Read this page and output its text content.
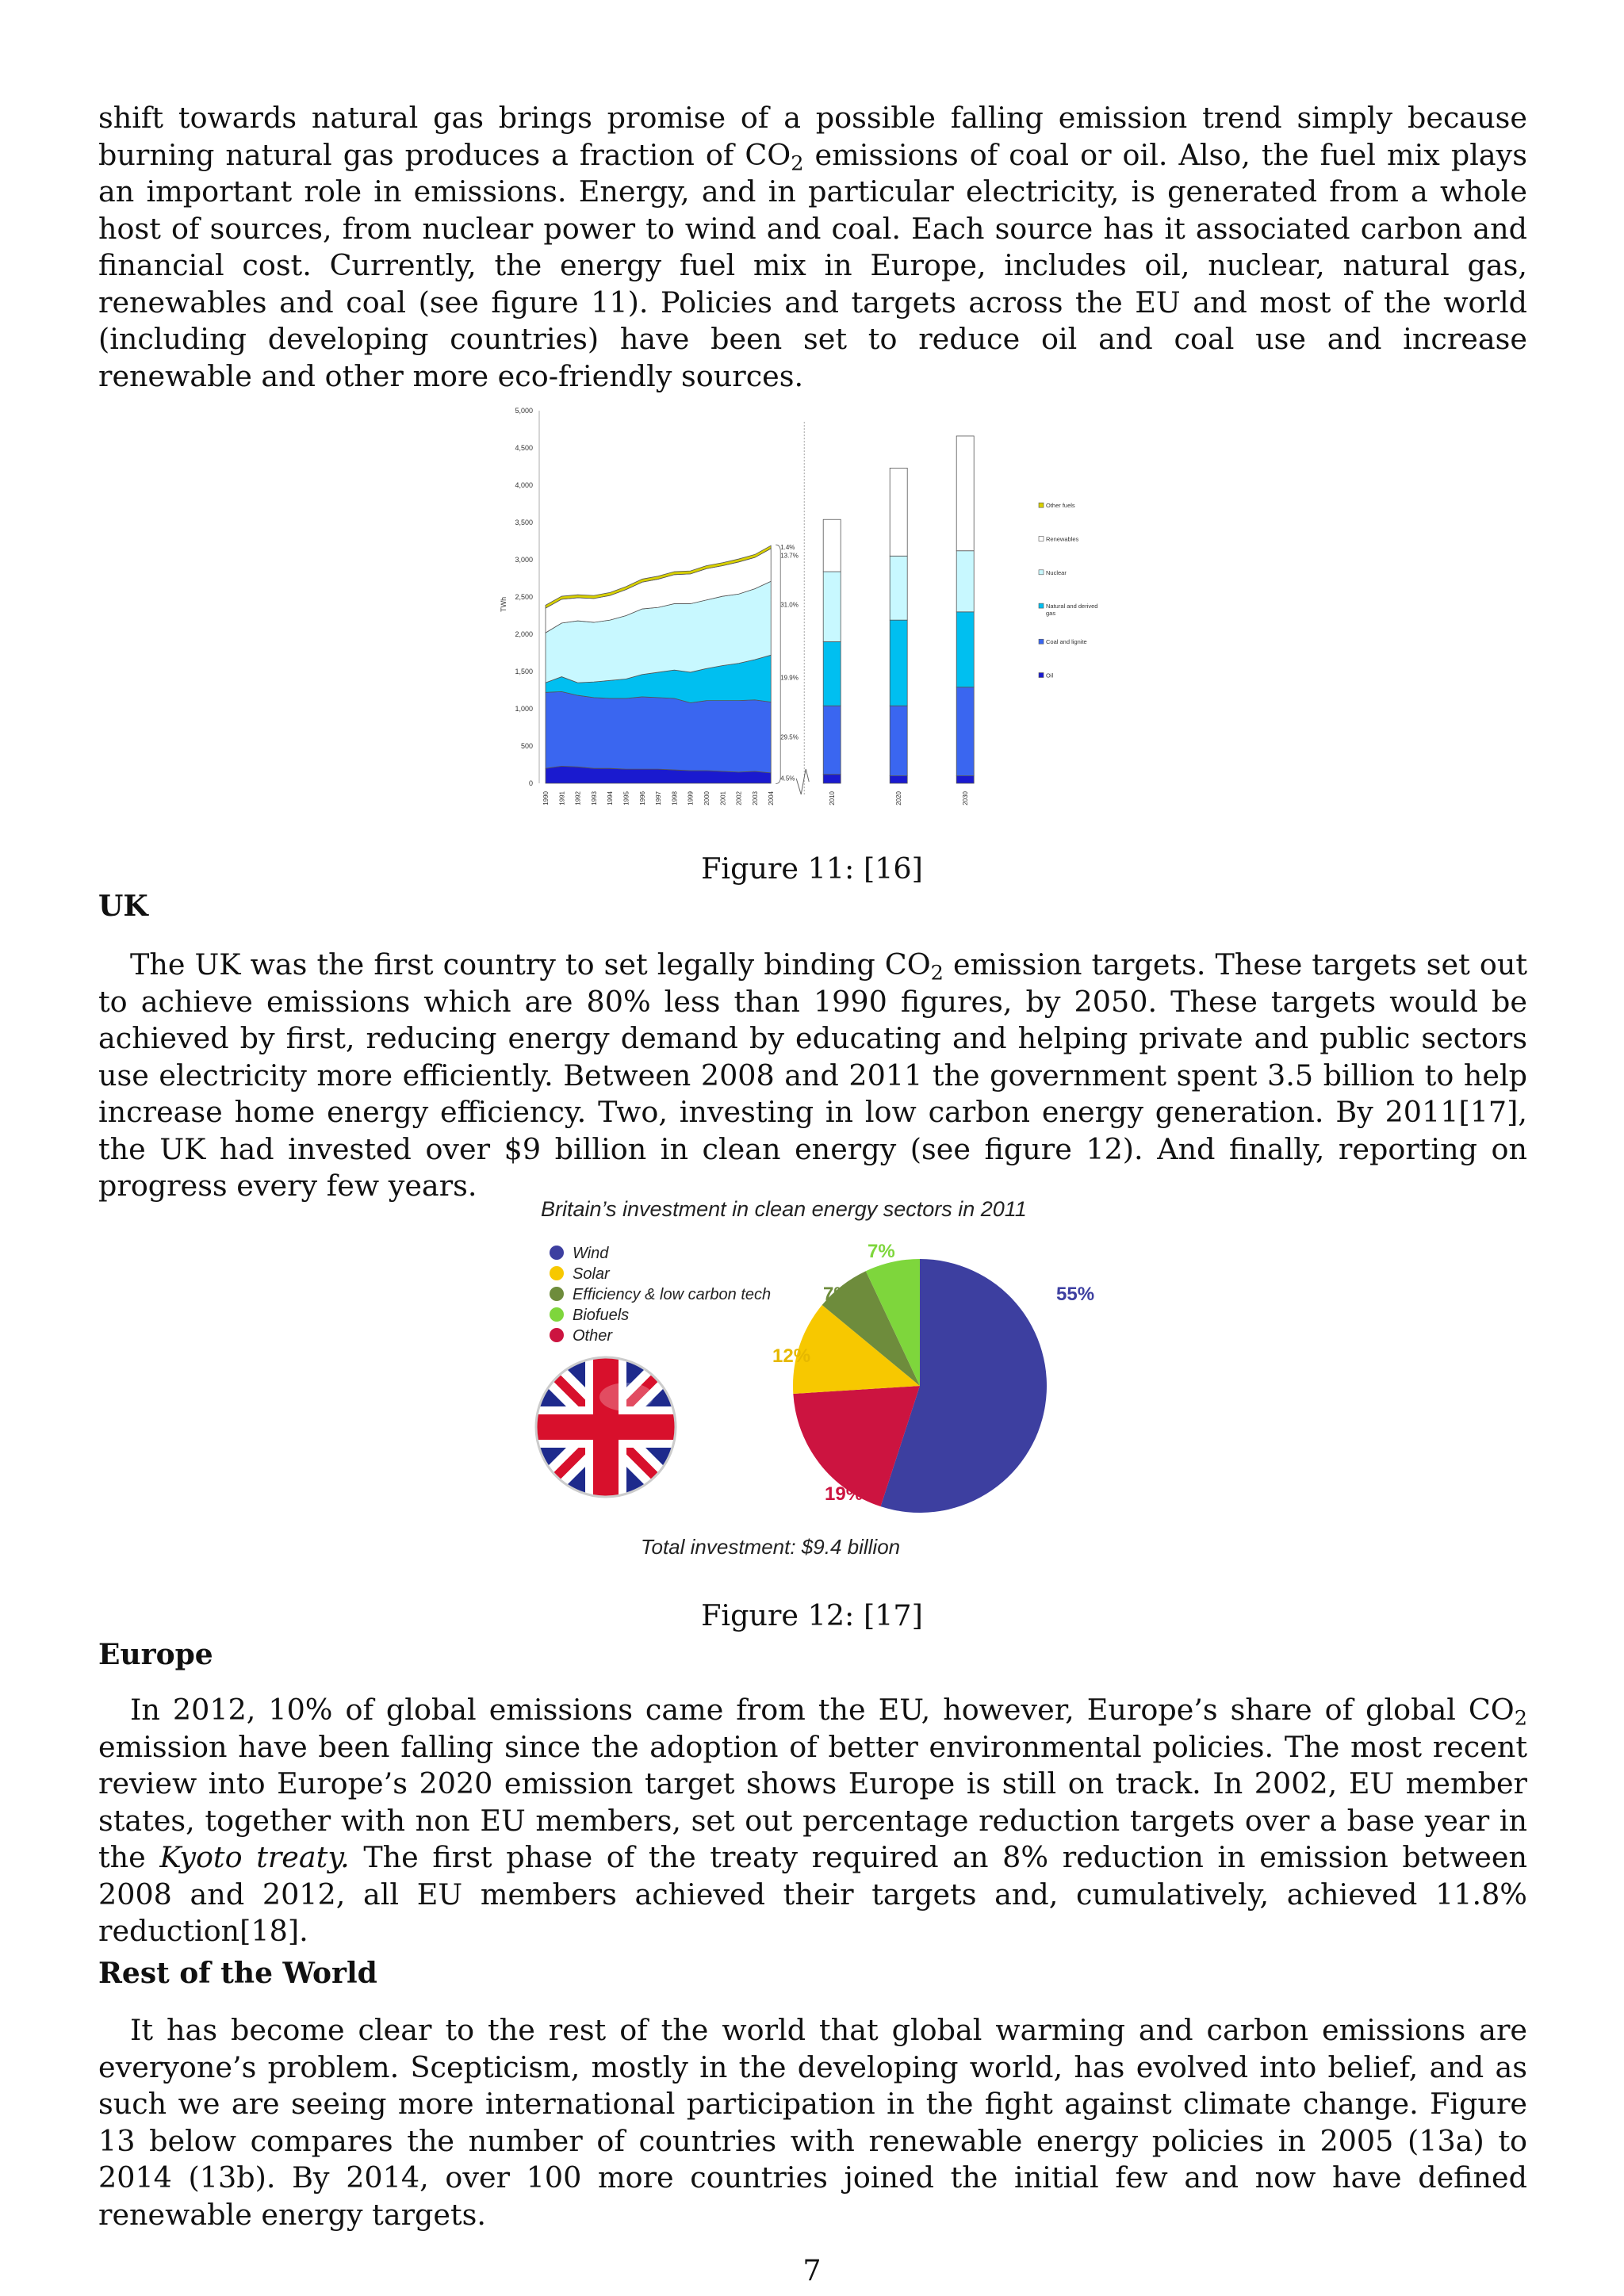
shift towards natural gas brings promise of a possible falling emission trend simply because burning natural gas produces a fraction of $CO_2$ emissions of coal or oil. Also, the fuel mix plays an important role in emissions. Energy, and in particular electricity, is generated from a whole host of sources, from nuclear power to wind and coal. Each source has it associated carbon and financial cost. Currently, the energy fuel mix in Europe, includes oil, nuclear, natural gas, renewables and coal (see figure 11). Policies and targets across the EU and most of the world (including developing countries) have been set to reduce oil and coal use and increase renewable and other more eco-friendly sources.

0
500
1,000
1,500
2,000
2,500
3,000
3,500
4,000
4,500
5,000
TWh
1990 1991 1992 1993 1994 1995 1996 1997 1998 1999 2000 2001 2002 2003 2004
1.4%
13.7%
31.0%
19.9%
29.5%
4.5%
2010	2020	2030
Other fuels
Renewables
Nuclear
Natural and derived
gas
Coal and lignite
Oil
Figure 11: [16]
UK

The UK was the first country to set legally binding $CO_2$ emission targets. These targets set out to achieve emissions which are 80% less than 1990 figures, by 2050. These targets would be achieved by first, reducing energy demand by educating and helping private and public sectors use electricity more efficiently. Between 2008 and 2011 the government spent 3.5 billion to help increase home energy efficiency. Two, investing in low carbon energy generation. By 2011[17], the UK had invested over $9 billion in clean energy (see figure 12). And finally, reporting on progress every few years.

Britain’s investment in clean energy sectors in 2011
Wind
Solar
Efficiency & low carbon tech
Biofuels
Other
55%
19%
12%
7%
7%
Total investment: $9.4 billion
Figure 12: [17]
Europe

In 2012, 10% of global emissions came from the EU, however, Europe’s share of global $CO_2$ emission have been falling since the adoption of better environmental policies. The most recent review into Europe’s 2020 emission target shows Europe is still on track. In 2002, EU member states, together with non EU members, set out percentage reduction targets over a base year in the Kyoto treaty. The first phase of the treaty required an 8% reduction in emission between 2008 and 2012, all EU members achieved their targets and, cumulatively, achieved 11.8% reduction[18].

Rest of the World

It has become clear to the rest of the world that global warming and carbon emissions are everyone’s problem. Scepticism, mostly in the developing world, has evolved into belief, and as such we are seeing more international participation in the fight against climate change. Figure 13 below compares the number of countries with renewable energy policies in 2005 (13a) to 2014 (13b). By 2014, over 100 more countries joined the initial few and now have defined renewable energy targets.

7
